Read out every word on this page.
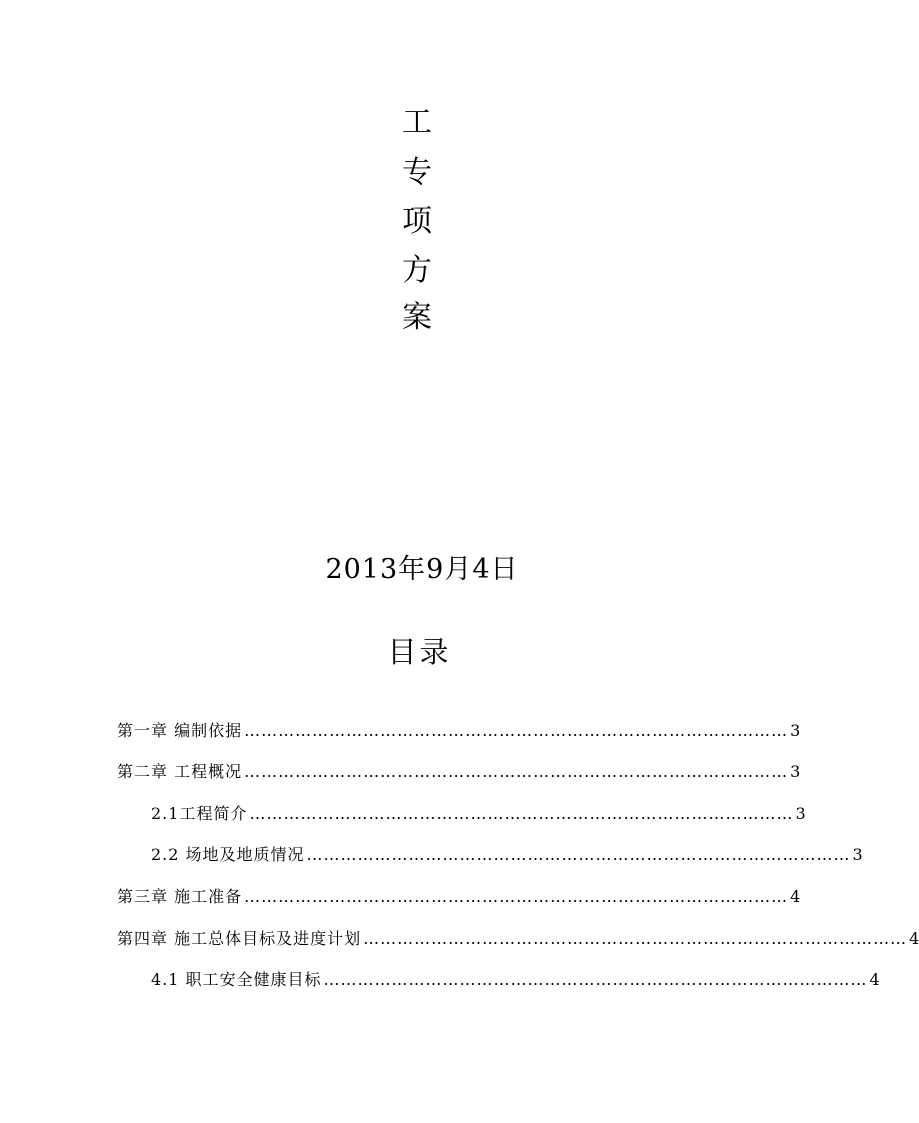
工
专
项
方
案
2013年9月4日
目录
第一章 编制依据 …………………………………………………………………………………… 3
第二章 工程概况 …………………………………………………………………………………… 3
2.1工程简介 …………………………………………………………………………………… 3
2.2 场地及地质情况 …………………………………………………………………………………… 3
第三章 施工准备 …………………………………………………………………………………… 4
第四章 施工总体目标及进度计划 …………………………………………………………………………………… 4
4.1 职工安全健康目标 …………………………………………………………………………………… 4
